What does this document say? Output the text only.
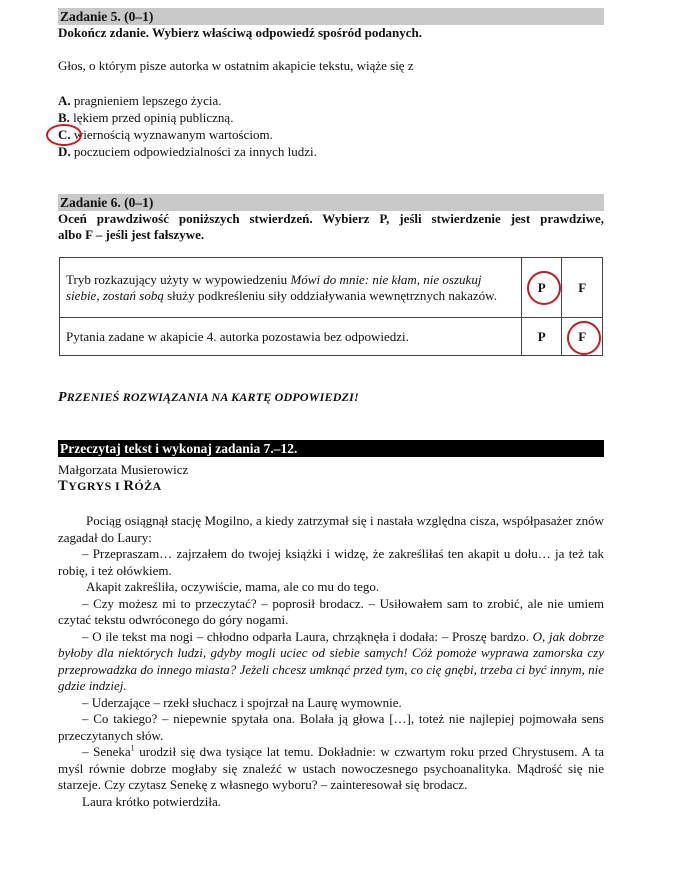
Zadanie 5. (0–1)
Dokończ zdanie. Wybierz właściwą odpowiedź spośród podanych.
Głos, o którym pisze autorka w ostatnim akapicie tekstu, wiąże się z
A. pragnieniem lepszego życia.
B. lękiem przed opinią publiczną.
C. wiernością wyznawanym wartościom.
D. poczuciem odpowiedzialności za innych ludzi.
Zadanie 6. (0–1)
Oceń prawdziwość poniższych stwierdzeń. Wybierz P, jeśli stwierdzenie jest prawdziwe,
albo F – jeśli jest fałszywe.
Tryb rozkazujący użyty w wypowiedzeniu Mówi do mnie: nie kłam, nie oszukuj siebie, zostań sobą służy podkreśleniu siły oddziaływania wewnętrznych nakazów.	P	F
Pytania zadane w akapicie 4. autorka pozostawia bez odpowiedzi.	P	F
PRZENIEŚ ROZWIĄZANIA NA KARTĘ ODPOWIEDZI!
Przeczytaj tekst i wykonaj zadania 7.–12.
Małgorzata Musierowicz
TYGRYS I RÓŻA

Pociąg osiągnął stację Mogilno, a kiedy zatrzymał się i nastała względna cisza, współpasażer znów zagadał do Laury:

– Przepraszam… zajrzałem do twojej książki i widzę, że zakreśliłaś ten akapit u dołu… ja też tak robię, i też ołówkiem.

Akapit zakreśliła, oczywiście, mama, ale co mu do tego.

– Czy możesz mi to przeczytać? – poprosił brodacz. – Usiłowałem sam to zrobić, ale nie umiem czytać tekstu odwróconego do góry nogami.

– O ile tekst ma nogi – chłodno odparła Laura, chrząknęła i dodała: – Proszę bardzo. O, jak dobrze byłoby dla niektórych ludzi, gdyby mogli uciec od siebie samych! Cóż pomoże wyprawa zamorska czy przeprowadzka do innego miasta? Jeżeli chcesz umknąć przed tym, co cię gnębi, trzeba ci być innym, nie gdzie indziej.

– Uderzające – rzekł słuchacz i spojrzał na Laurę wymownie.

– Co takiego? – niepewnie spytała ona. Bolała ją głowa […], toteż nie najlepiej pojmowała sens przeczytanych słów.

– Seneka$^1$ urodził się dwa tysiące lat temu. Dokładnie: w czwartym roku przed Chrystusem. A ta myśl równie dobrze mogłaby się znaleźć w ustach nowoczesnego psychoanalityka. Mądrość się nie starzeje. Czy czytasz Senekę z własnego wyboru? – zainteresował się brodacz.

Laura krótko potwierdziła.
